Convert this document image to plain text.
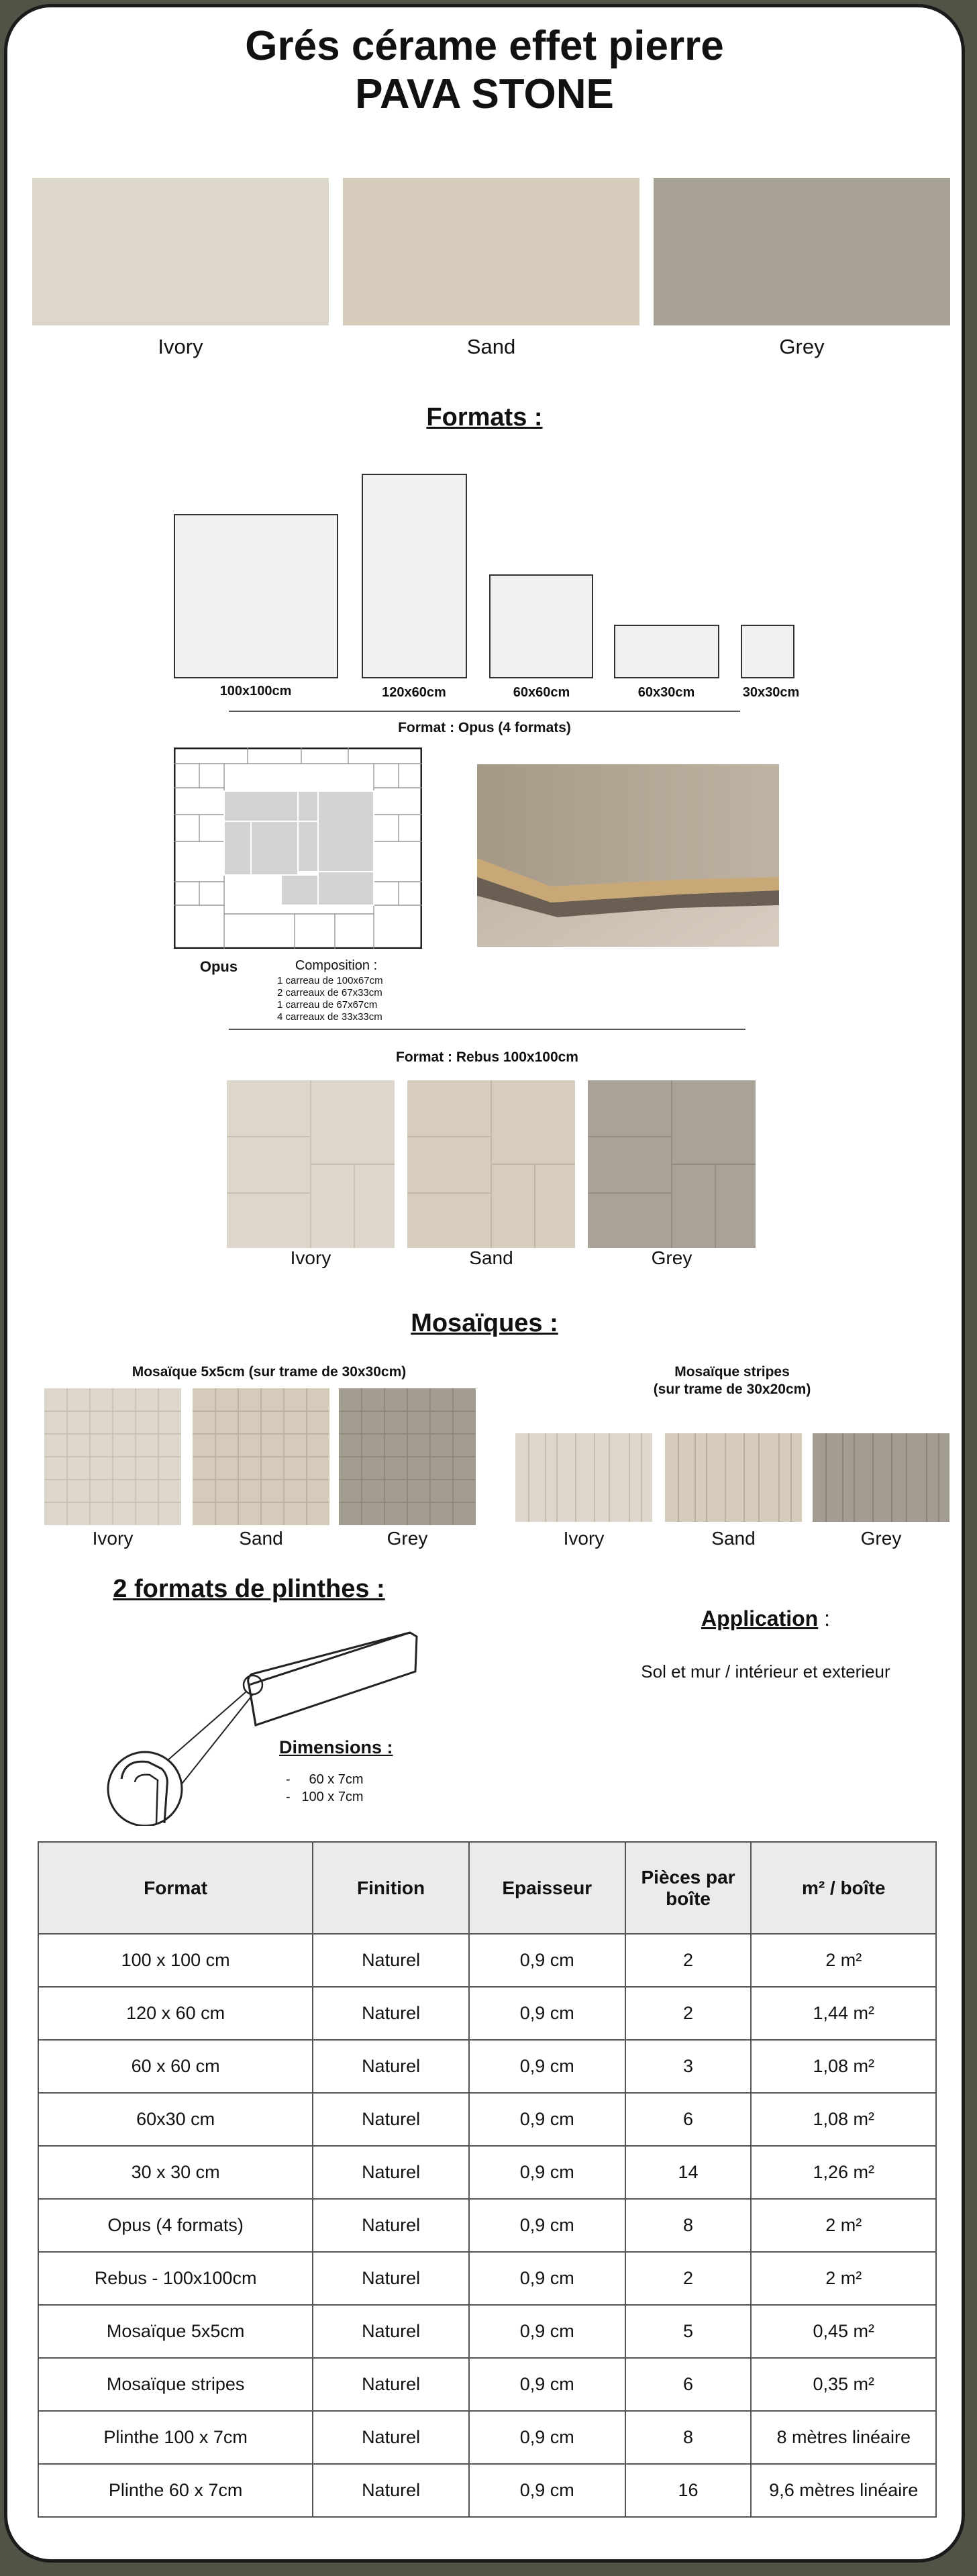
Grés cérame effet pierre
PAVA STONE
Ivory	Sand	Grey
Formats :
100x100cm	120x60cm	60x60cm	60x30cm	30x30cm
Format : Opus (4 formats)
Opus	Composition :
1 carreau de 100x67cm
2 carreaux de 67x33cm
1 carreau de 67x67cm
4 carreaux de 33x33cm
Format : Rebus 100x100cm
Ivory	Sand	Grey
Mosaïques :
Mosaïque 5x5cm (sur trame de 30x30cm)	Mosaïque stripes
(sur trame de 30x20cm)
Ivory	Sand	Grey	Ivory	Sand	Grey
2 formats de plinthes :
Dimensions :
-     60 x 7cm
-   100 x 7cm
Application :
Sol et mur / intérieur et exterieur
Format	Finition	Epaisseur	Pièces par boîte	m² / boîte
100 x 100 cm	Naturel	0,9 cm	2	2 m²
120 x 60 cm	Naturel	0,9 cm	2	1,44 m²
60 x 60 cm	Naturel	0,9 cm	3	1,08 m²
60x30 cm	Naturel	0,9 cm	6	1,08 m²
30 x 30 cm	Naturel	0,9 cm	14	1,26 m²
Opus (4 formats)	Naturel	0,9 cm	8	2 m²
Rebus - 100x100cm	Naturel	0,9 cm	2	2 m²
Mosaïque 5x5cm	Naturel	0,9 cm	5	0,45 m²
Mosaïque stripes	Naturel	0,9 cm	6	0,35 m²
Plinthe 100 x 7cm	Naturel	0,9 cm	8	8 mètres linéaire
Plinthe 60 x 7cm	Naturel	0,9 cm	16	9,6 mètres linéaire
